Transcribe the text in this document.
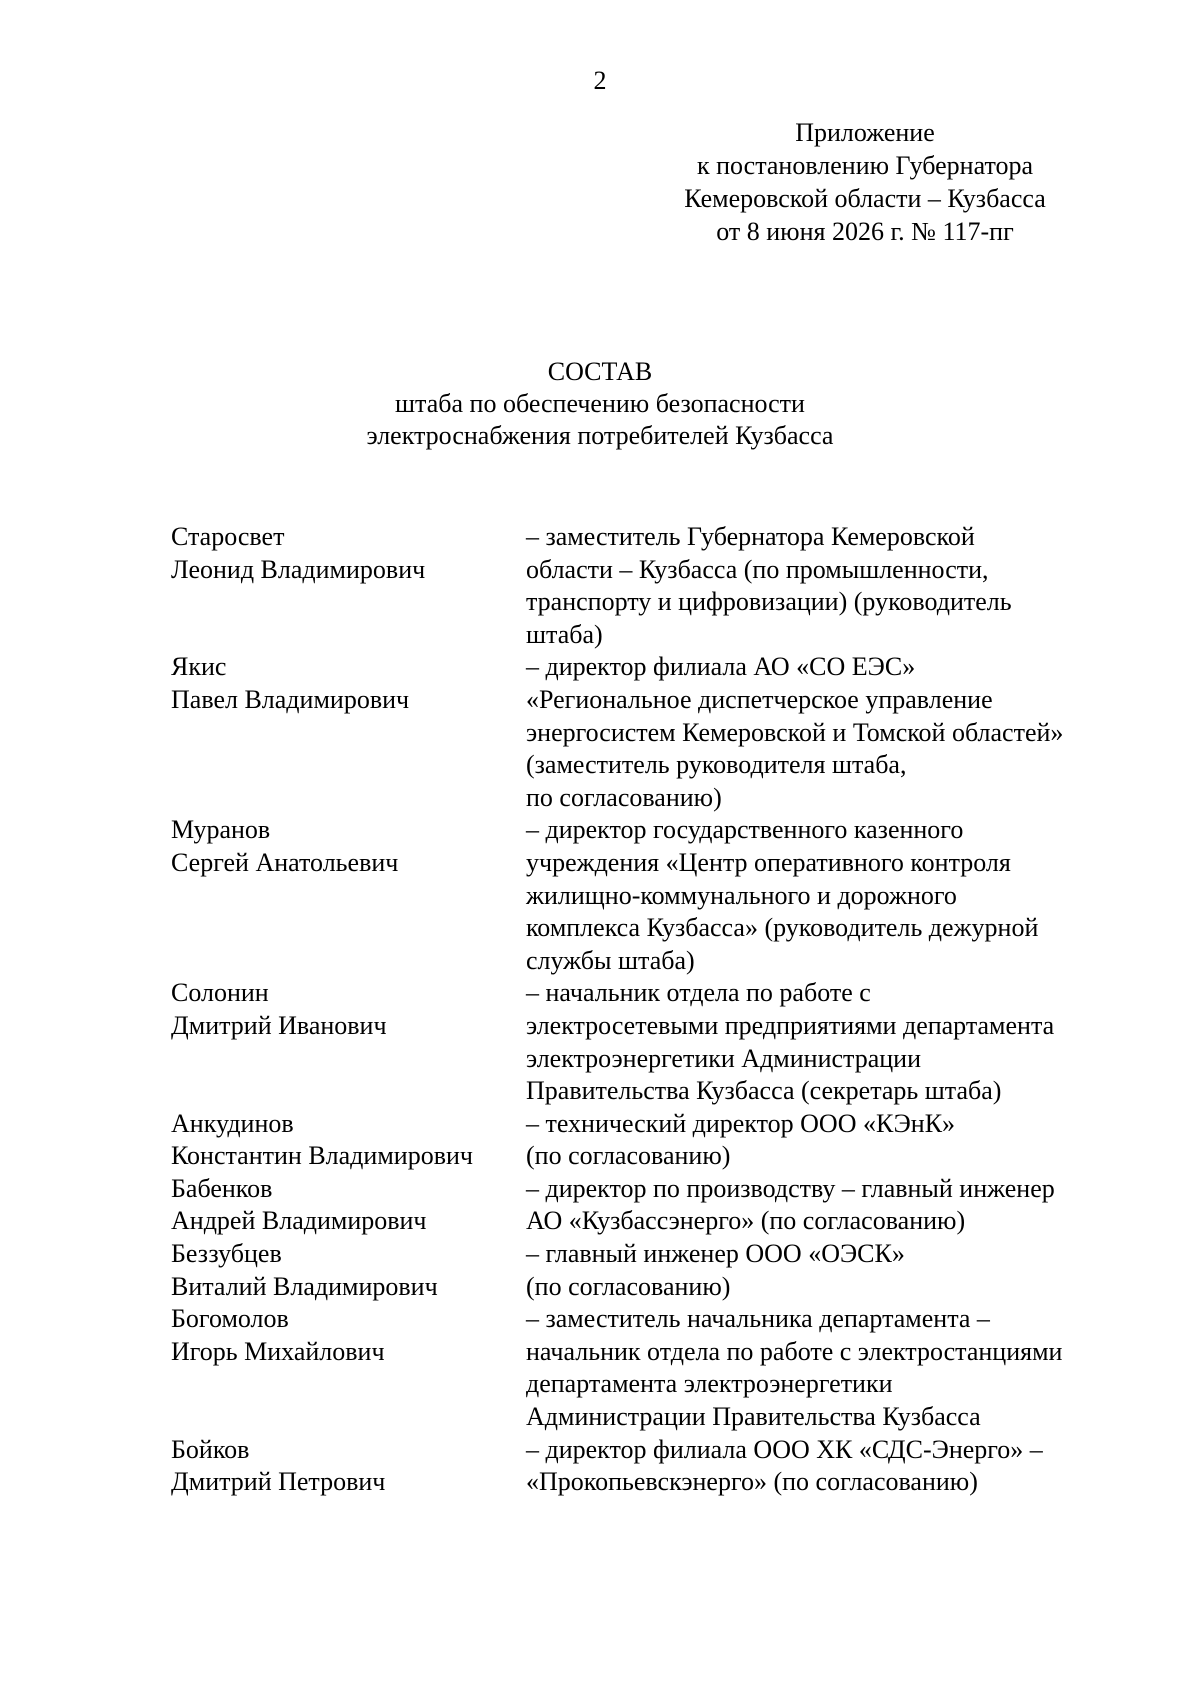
2
Приложение
к постановлению Губернатора
Кемеровской области – Кузбасса
от 8 июня 2026 г. № 117-пг
СОСТАВ
штаба по обеспечению безопасности
электроснабжения потребителей Кузбасса
Старосвет
Леонид Владимирович
– заместитель Губернатора Кемеровской
области – Кузбасса (по промышленности,
транспорту и цифровизации) (руководитель
штаба)
Якис
Павел Владимирович
– директор филиала АО «СО ЕЭС»
«Региональное диспетчерское управление
энергосистем Кемеровской и Томской областей»
(заместитель руководителя штаба,
по согласованию)
Муранов
Сергей Анатольевич
– директор государственного казенного
учреждения «Центр оперативного контроля
жилищно-коммунального и дорожного
комплекса Кузбасса» (руководитель дежурной
службы штаба)
Солонин
Дмитрий Иванович
– начальник отдела по работе с
электросетевыми предприятиями департамента
электроэнергетики Администрации
Правительства Кузбасса (секретарь штаба)
Анкудинов
Константин Владимирович
– технический директор ООО «КЭнК»
(по согласованию)
Бабенков
Андрей Владимирович
– директор по производству – главный инженер
АО «Кузбассэнерго» (по согласованию)
Беззубцев
Виталий Владимирович
– главный инженер ООО «ОЭСК»
(по согласованию)
Богомолов
Игорь Михайлович
– заместитель начальника департамента –
начальник отдела по работе с электростанциями
департамента электроэнергетики
Администрации Правительства Кузбасса
Бойков
Дмитрий Петрович
– директор филиала ООО ХК «СДС-Энерго» –
«Прокопьевскэнерго» (по согласованию)
